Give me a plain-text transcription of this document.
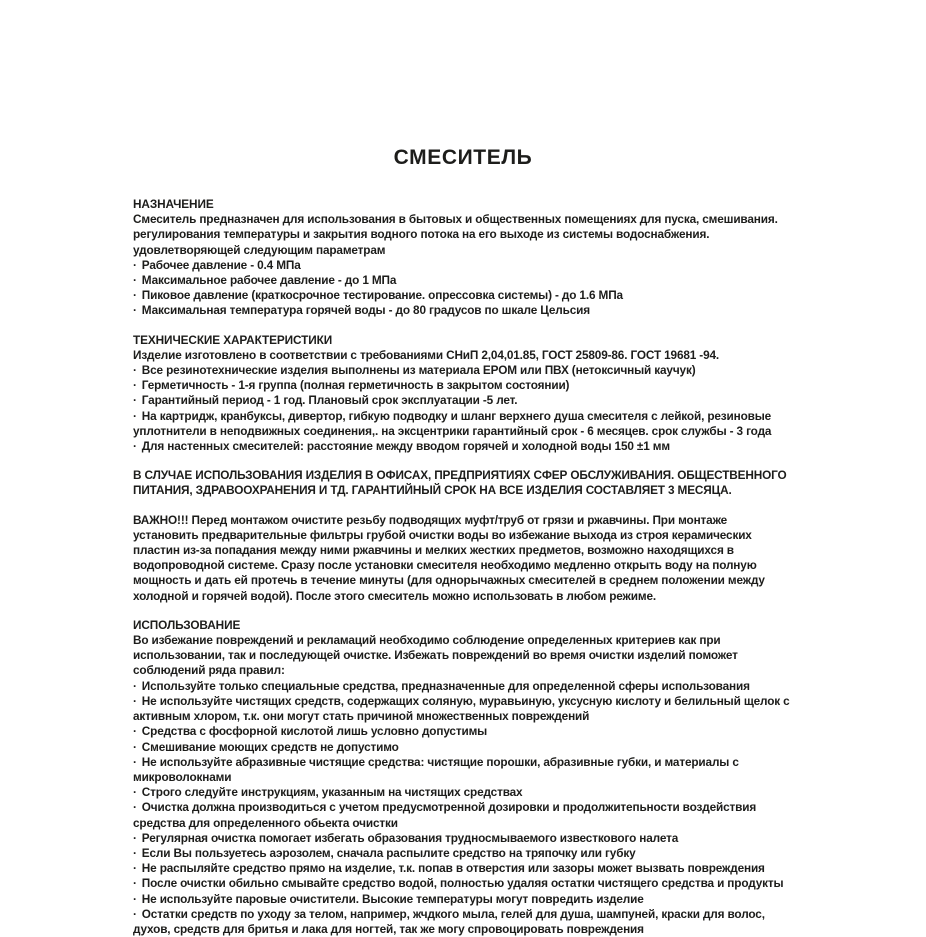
СМЕСИТЕЛЬ
НАЗНАЧЕНИЕ

Смеситель предназначен для использования в бытовых и общественных помещениях для пуска, смешивания. регулирования температуры и закрытия водного потока на его выходе из системы водоснабжения. удовлетворяющей следующим параметрам

· Рабочее давление - 0.4 МПа
· Максимальное рабочее давление - до 1 МПа
· Пиковое давление (краткосрочное тестирование. опрессовка системы) - до 1.6 МПа
· Максимальная температура горячей воды - до 80 градусов по шкале Цельсия
ТЕХНИЧЕСКИЕ ХАРАКТЕРИСТИКИ

Изделие изготовлено в соответствии с требованиями СНиП 2,04,01.85, ГОСТ 25809-86. ГОСТ 19681 -94.

· Все резинотехнические изделия выполнены из материала ЕРОМ или ПВХ (нетоксичный каучук)
· Герметичность - 1-я группа (полная герметичность в закрытом состоянии)
· Гарантийный период - 1 год. Плановый срок эксплуатации -5 лет.
· На картридж, кранбуксы, дивертор, гибкую подводку и шланг верхнего душа смесителя с лейкой, резиновые уплотнители в неподвижных соединения,. на эксцентрики гарантийный срок - 6 месяцев. срок службы - 3 года
· Для настенных смесителей: расстояние между вводом горячей и холодной воды 150 ±1 мм

В СЛУЧАЕ ИСПОЛЬЗОВАНИЯ ИЗДЕЛИЯ В ОФИСАХ, ПРЕДПРИЯТИЯХ СФЕР ОБСЛУЖИВАНИЯ. ОБЩЕСТВЕННОГО ПИТАНИЯ, ЗДРАВООХРАНЕНИЯ И ТД. ГАРАНТИЙНЫЙ СРОК НА ВСЕ ИЗДЕЛИЯ СОСТАВЛЯЕТ 3 МЕСЯЦА.

ВАЖНО!!! Перед монтажом очистите резьбу подводящих муфт/труб от грязи и ржавчины. При монтаже установить предварительные фильтры грубой очистки воды во избежание выхода из строя керамических пластин из-за попадания между ними ржавчины и мелких жестких предметов, возможно находящихся в водопроводной системе. Сразу после установки смесителя необходимо медленно открыть воду на полную мощность и дать ей протечь в течение минуты (для однорычажных смесителей в среднем положении между холодной и горячей водой). После этого смеситель можно использовать в любом режиме.

ИСПОЛЬЗОВАНИЕ

Во избежание повреждений и рекламаций необходимо соблюдение определенных критериев как при использовании, так и последующей очистке. Избежать повреждений во время очистки изделий поможет соблюдений ряда правил:

· Используйте только специальные средства, предназначенные для определенной сферы использования
· Не используйте чистящих средств, содержащих соляную, муравьиную, уксусную кислоту и белильный щелок с активным хлором, т.к. они могут стать причиной множественных повреждений
· Средства с фосфорной кислотой лишь условно допустимы
· Смешивание моющих средств не допустимо
· Не используйте абразивные чистящие средства: чистящие порошки, абразивные губки, и материалы с микроволокнами
· Строго следуйте инструкциям, указанным на чистящих средствах
· Очистка должна производиться с учетом предусмотренной дозировки и продолжитепьности воздействия средства для определенного обьекта очистки
· Регулярная очистка помогает избегать образования трудносмываемого известкового налета
· Если Вы пользуетесь аэрозолем, сначала распылите средство на тряпочку или губку
· Не распыляйте средство прямо на изделие, т.к. попав в отверстия или зазоры может вызвать повреждения
· После очистки обильно смывайте средство водой, полностью удаляя остатки чистящего средства и продукты
· Не используйте паровые очистители. Высокие температуры могут повредить изделие
· Остатки средств по уходу за телом, например, жчдкого мыла, гелей для душа, шампуней, краски для волос, духов, средств для бритья и лака для ногтей, так же могу спровоцировать повреждения
